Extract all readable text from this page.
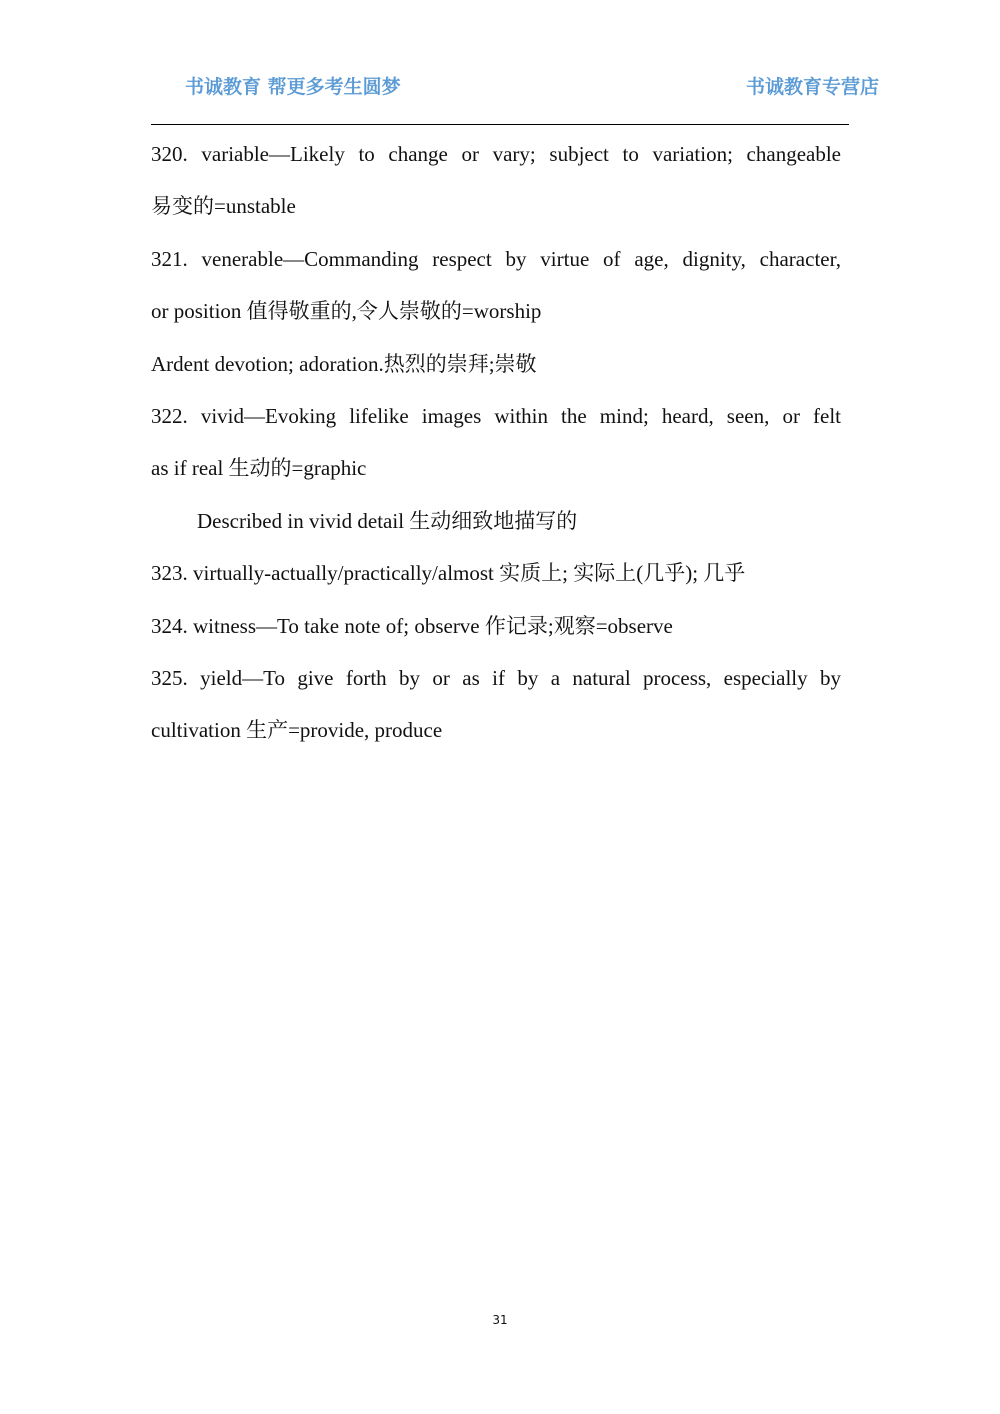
书诚教育 帮更多考生圆梦	书诚教育专营店
320. variable—Likely to change or vary; subject to variation; changeable
易变的=unstable
321. venerable—Commanding respect by virtue of age, dignity, character,
or position 值得敬重的,令人崇敬的=worship
Ardent devotion; adoration.热烈的崇拜;崇敬
322. vivid—Evoking lifelike images within the mind; heard, seen, or felt
as if real 生动的=graphic
Described in vivid detail 生动细致地描写的
323. virtually-actually/practically/almost 实质上; 实际上(几乎); 几乎
324. witness—To take note of; observe 作记录;观察=observe
325. yield—To give forth by or as if by a natural process, especially by
cultivation 生产=provide, produce
31
